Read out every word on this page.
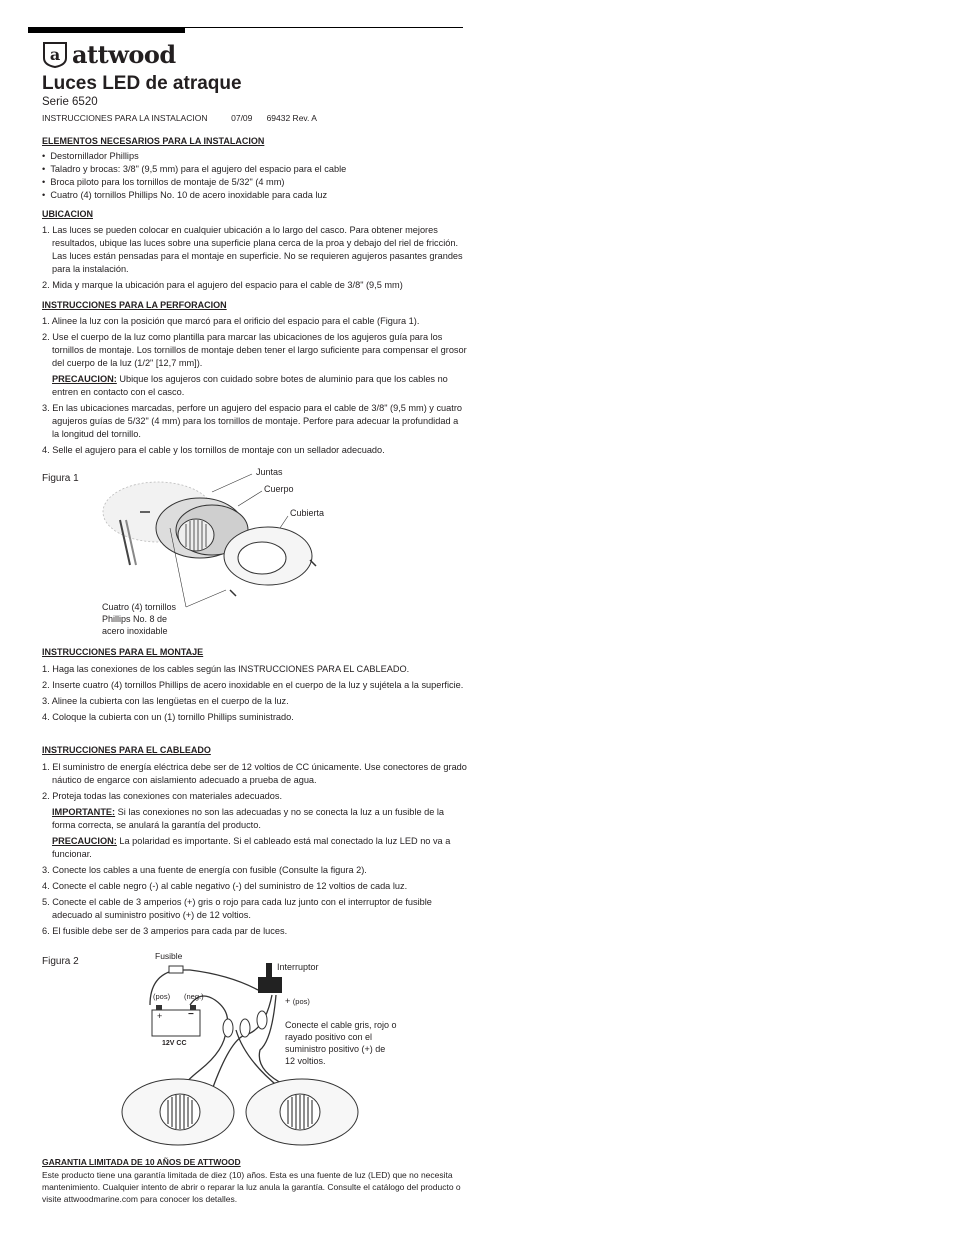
a attwood
Luces LED de atraque

Serie 6520

INSTRUCCIONES PARA LA INSTALACION	07/09 69432 Rev. A

ELEMENTOS NECESARIOS PARA LA INSTALACION

•  Destornillador Phillips
•  Taladro y brocas: 3/8" (9,5 mm) para el agujero del espacio para el cable
•  Broca piloto para los tornillos de montaje de 5/32" (4 mm)
•  Cuatro (4) tornillos Phillips No. 10 de acero inoxidable para cada luz

UBICACION

1. Las luces se pueden colocar en cualquier ubicación a lo largo del casco. Para obtener mejores resultados, ubique las luces sobre una superficie plana cerca de la proa y debajo del riel de fricción. Las luces están pensadas para el montaje en superficie. No se requieren agujeros pasantes grandes para la instalación.
2. Mida y marque la ubicación para el agujero del espacio para el cable de 3/8" (9,5 mm)

INSTRUCCIONES PARA LA PERFORACION

1. Alinee la luz con la posición que marcó para el orificio del espacio para el cable (Figura 1).
2. Use el cuerpo de la luz como plantilla para marcar las ubicaciones de los agujeros guía para los tornillos de montaje. Los tornillos de montaje deben tener el largo suficiente para compensar el grosor del cuerpo de la luz (1/2" [12,7 mm]).
PRECAUCION: Ubique los agujeros con cuidado sobre botes de aluminio para que los cables no entren en contacto con el casco.
3. En las ubicaciones marcadas, perfore un agujero del espacio para el cable de 3/8" (9,5 mm) y cuatro agujeros guías de 5/32" (4 mm) para los tornillos de montaje. Perfore para adecuar la profundidad a la longitud del tornillo.
4. Selle el agujero para el cable y los tornillos de montaje con un sellador adecuado.

Figura 1

Juntas

Cuerpo

Cubierta

Cuatro (4) tornillos
Phillips No. 8 de
acero inoxidable

INSTRUCCIONES PARA EL MONTAJE

1. Haga las conexiones de los cables según las INSTRUCCIONES PARA EL CABLEADO.
2. Inserte cuatro (4) tornillos Phillips de acero inoxidable en el cuerpo de la luz y sujétela a la superficie.
3. Alinee la cubierta con las lengüetas en el cuerpo de la luz.
4. Coloque la cubierta con un (1) tornillo Phillips suministrado.

INSTRUCCIONES PARA EL CABLEADO

1. El suministro de energía eléctrica debe ser de 12 voltios de CC únicamente. Use conectores de grado náutico de engarce con aislamiento adecuado a prueba de agua.
2. Proteja todas las conexiones con materiales adecuados.
IMPORTANTE: Si las conexiones no son las adecuadas y no se conecta la luz a un fusible de la forma correcta, se anulará la garantía del producto.
PRECAUCION: La polaridad es importante. Si el cableado está mal conectado la luz LED no va a funcionar.
3. Conecte los cables a una fuente de energía con fusible (Consulte la figura 2).
4. Conecte el cable negro (-) al cable negativo (-) del suministro de 12 voltios de cada luz.
5. Conecte el cable de 3 amperios (+) gris o rojo para cada luz junto con el interruptor de fusible adecuado al suministro positivo (+) de 12 voltios.
6. El fusible debe ser de 3 amperios para cada par de luces.

Figura 2	Fusible

Interruptor

(pos) (neg.)

+	−

+ (pos)

12V CC

Conecte el cable gris, rojo o
rayado positivo con el
suministro positivo (+) de
12 voltios.

GARANTIA LIMITADA DE 10 AÑOS DE ATTWOOD

Este producto tiene una garantía limitada de diez (10) años. Esta es una fuente de luz (LED) que no necesita mantenimiento. Cualquier intento de abrir o reparar la luz anula la garantía. Consulte el catálogo del producto o visite attwoodmarine.com para conocer los detalles.
